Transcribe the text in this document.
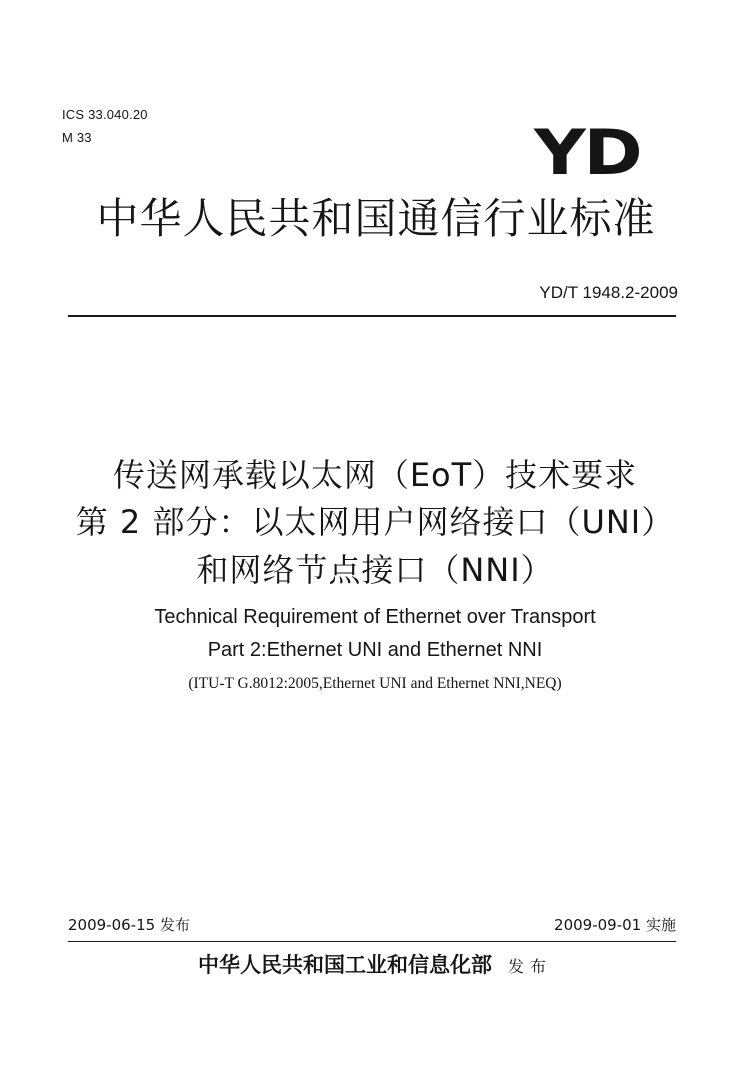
ICS 33.040.20
M 33	YD
中华人民共和国通信行业标准
YD/T 1948.2-2009
传送网承载以太网（EoT）技术要求
第 2 部分：以太网用户网络接口（UNI）
和网络节点接口（NNI）
Technical Requirement of Ethernet over Transport
Part 2:Ethernet UNI and Ethernet NNI
(ITU-T G.8012:2005,Ethernet UNI and Ethernet NNI,NEQ)
2009-06-15 发布	2009-09-01 实施
中华人民共和国工业和信息化部 发布
